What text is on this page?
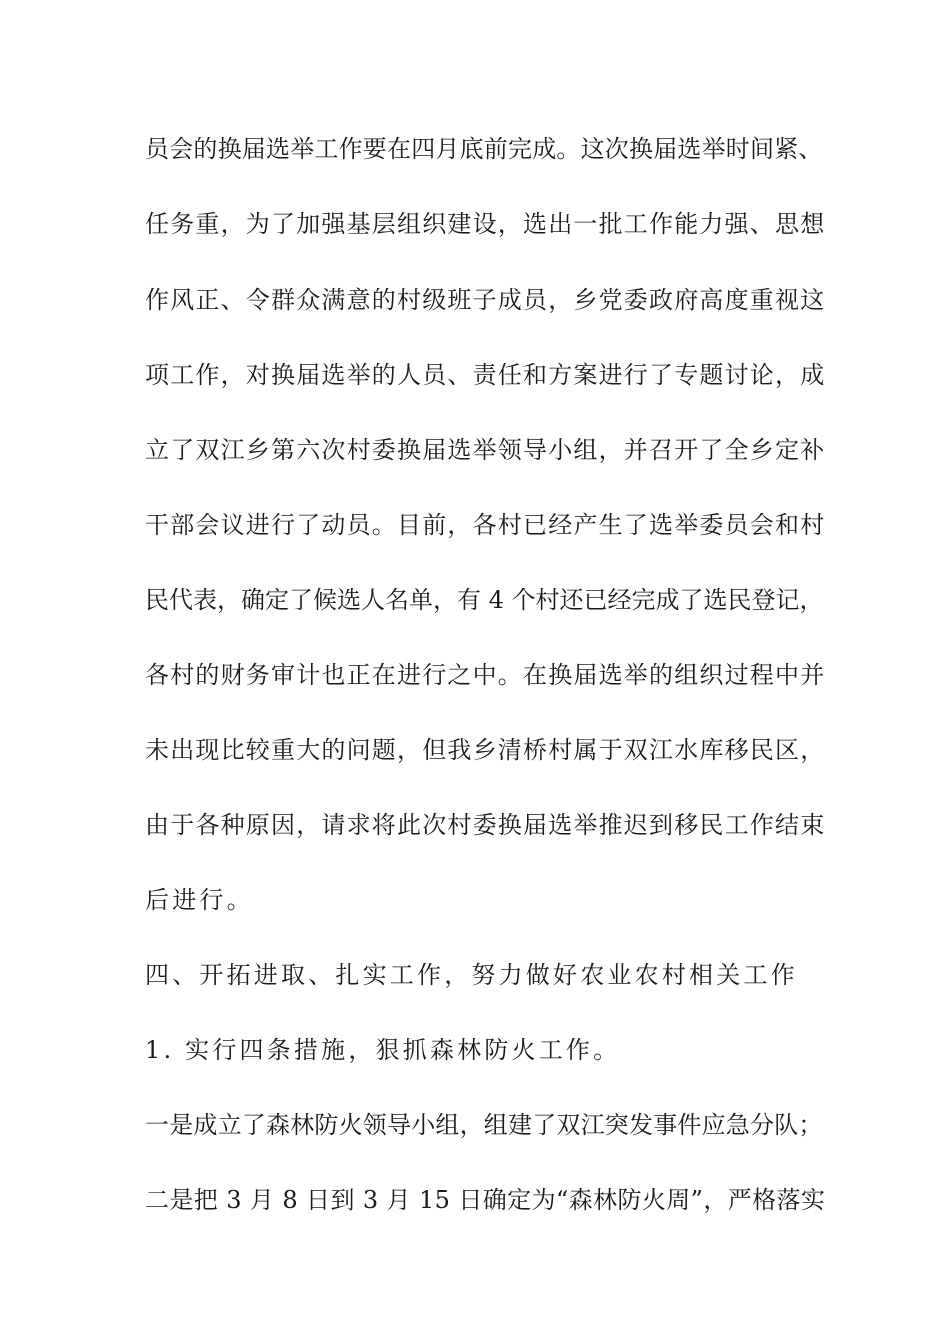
员会的换届选举工作要在四月底前完成。这次换届选举时间紧、
任务重，为了加强基层组织建设，选出一批工作能力强、思想
作风正、令群众满意的村级班子成员，乡党委政府高度重视这
项工作，对换届选举的人员、责任和方案进行了专题讨论，成
立了双江乡第六次村委换届选举领导小组，并召开了全乡定补
干部会议进行了动员。目前，各村已经产生了选举委员会和村
民代表，确定了候选人名单，有 4 个村还已经完成了选民登记，
各村的财务审计也正在进行之中。在换届选举的组织过程中并
未出现比较重大的问题，但我乡清桥村属于双江水库移民区，
由于各种原因，请求将此次村委换届选举推迟到移民工作结束
后进行。
四、开拓进取、扎实工作，努力做好农业农村相关工作
1. 实行四条措施，狠抓森林防火工作。
一是成立了森林防火领导小组，组建了双江突发事件应急分队；
二是把 3 月 8 日到 3 月 15 日确定为“森林防火周”，严格落实
